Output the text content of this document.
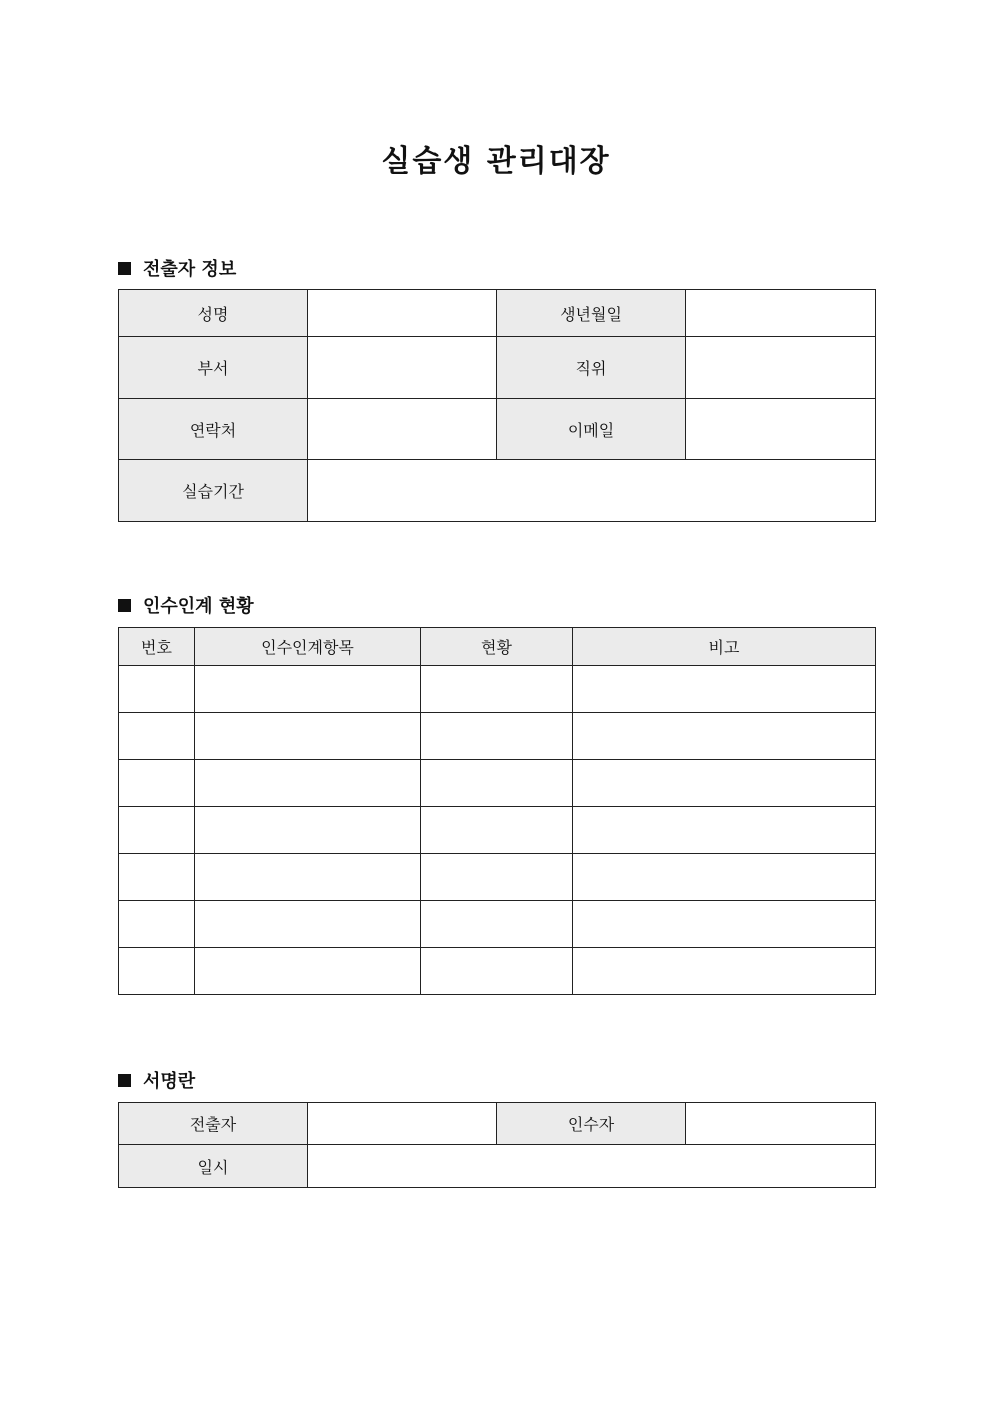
실습생 관리대장
전출자 정보
성명		생년월일	
부서		직위	
연락처		이메일	
실습기간			
인수인계 현황
번호	인수인계항목	현황	비고

서명란
전출자		인수자	
일시			
